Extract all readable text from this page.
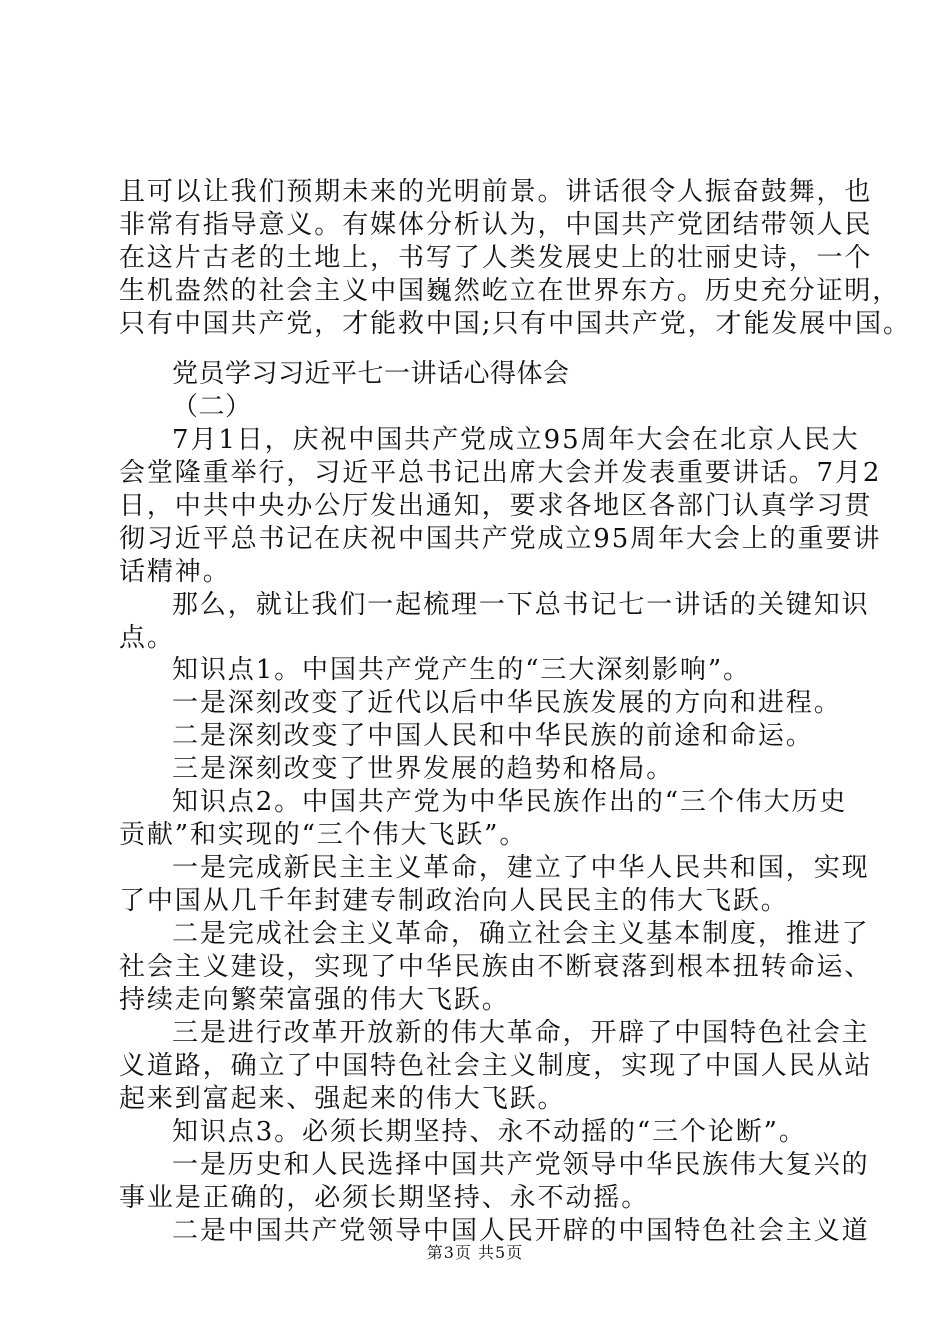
且可以让我们预期未来的光明前景。讲话很令人振奋鼓舞，也
非常有指导意义。有媒体分析认为，中国共产党团结带领人民
在这片古老的土地上，书写了人类发展史上的壮丽史诗，一个
生机盎然的社会主义中国巍然屹立在世界东方。历史充分证明，
只有中国共产党，才能救中国;只有中国共产党，才能发展中国。
党员学习习近平七一讲话心得体会
（二）
7月1日，庆祝中国共产党成立95周年大会在北京人民大
会堂隆重举行，习近平总书记出席大会并发表重要讲话。7月2
日，中共中央办公厅发出通知，要求各地区各部门认真学习贯
彻习近平总书记在庆祝中国共产党成立95周年大会上的重要讲
话精神。
那么，就让我们一起梳理一下总书记七一讲话的关键知识
点。
知识点1。中国共产党产生的“三大深刻影响”。
一是深刻改变了近代以后中华民族发展的方向和进程。
二是深刻改变了中国人民和中华民族的前途和命运。
三是深刻改变了世界发展的趋势和格局。
知识点2。中国共产党为中华民族作出的“三个伟大历史
贡献”和实现的“三个伟大飞跃”。
一是完成新民主主义革命，建立了中华人民共和国，实现
了中国从几千年封建专制政治向人民民主的伟大飞跃。
二是完成社会主义革命，确立社会主义基本制度，推进了
社会主义建设，实现了中华民族由不断衰落到根本扭转命运、
持续走向繁荣富强的伟大飞跃。
三是进行改革开放新的伟大革命，开辟了中国特色社会主
义道路，确立了中国特色社会主义制度，实现了中国人民从站
起来到富起来、强起来的伟大飞跃。
知识点3。必须长期坚持、永不动摇的“三个论断”。
一是历史和人民选择中国共产党领导中华民族伟大复兴的
事业是正确的，必须长期坚持、永不动摇。
二是中国共产党领导中国人民开辟的中国特色社会主义道
第3页 共5页
